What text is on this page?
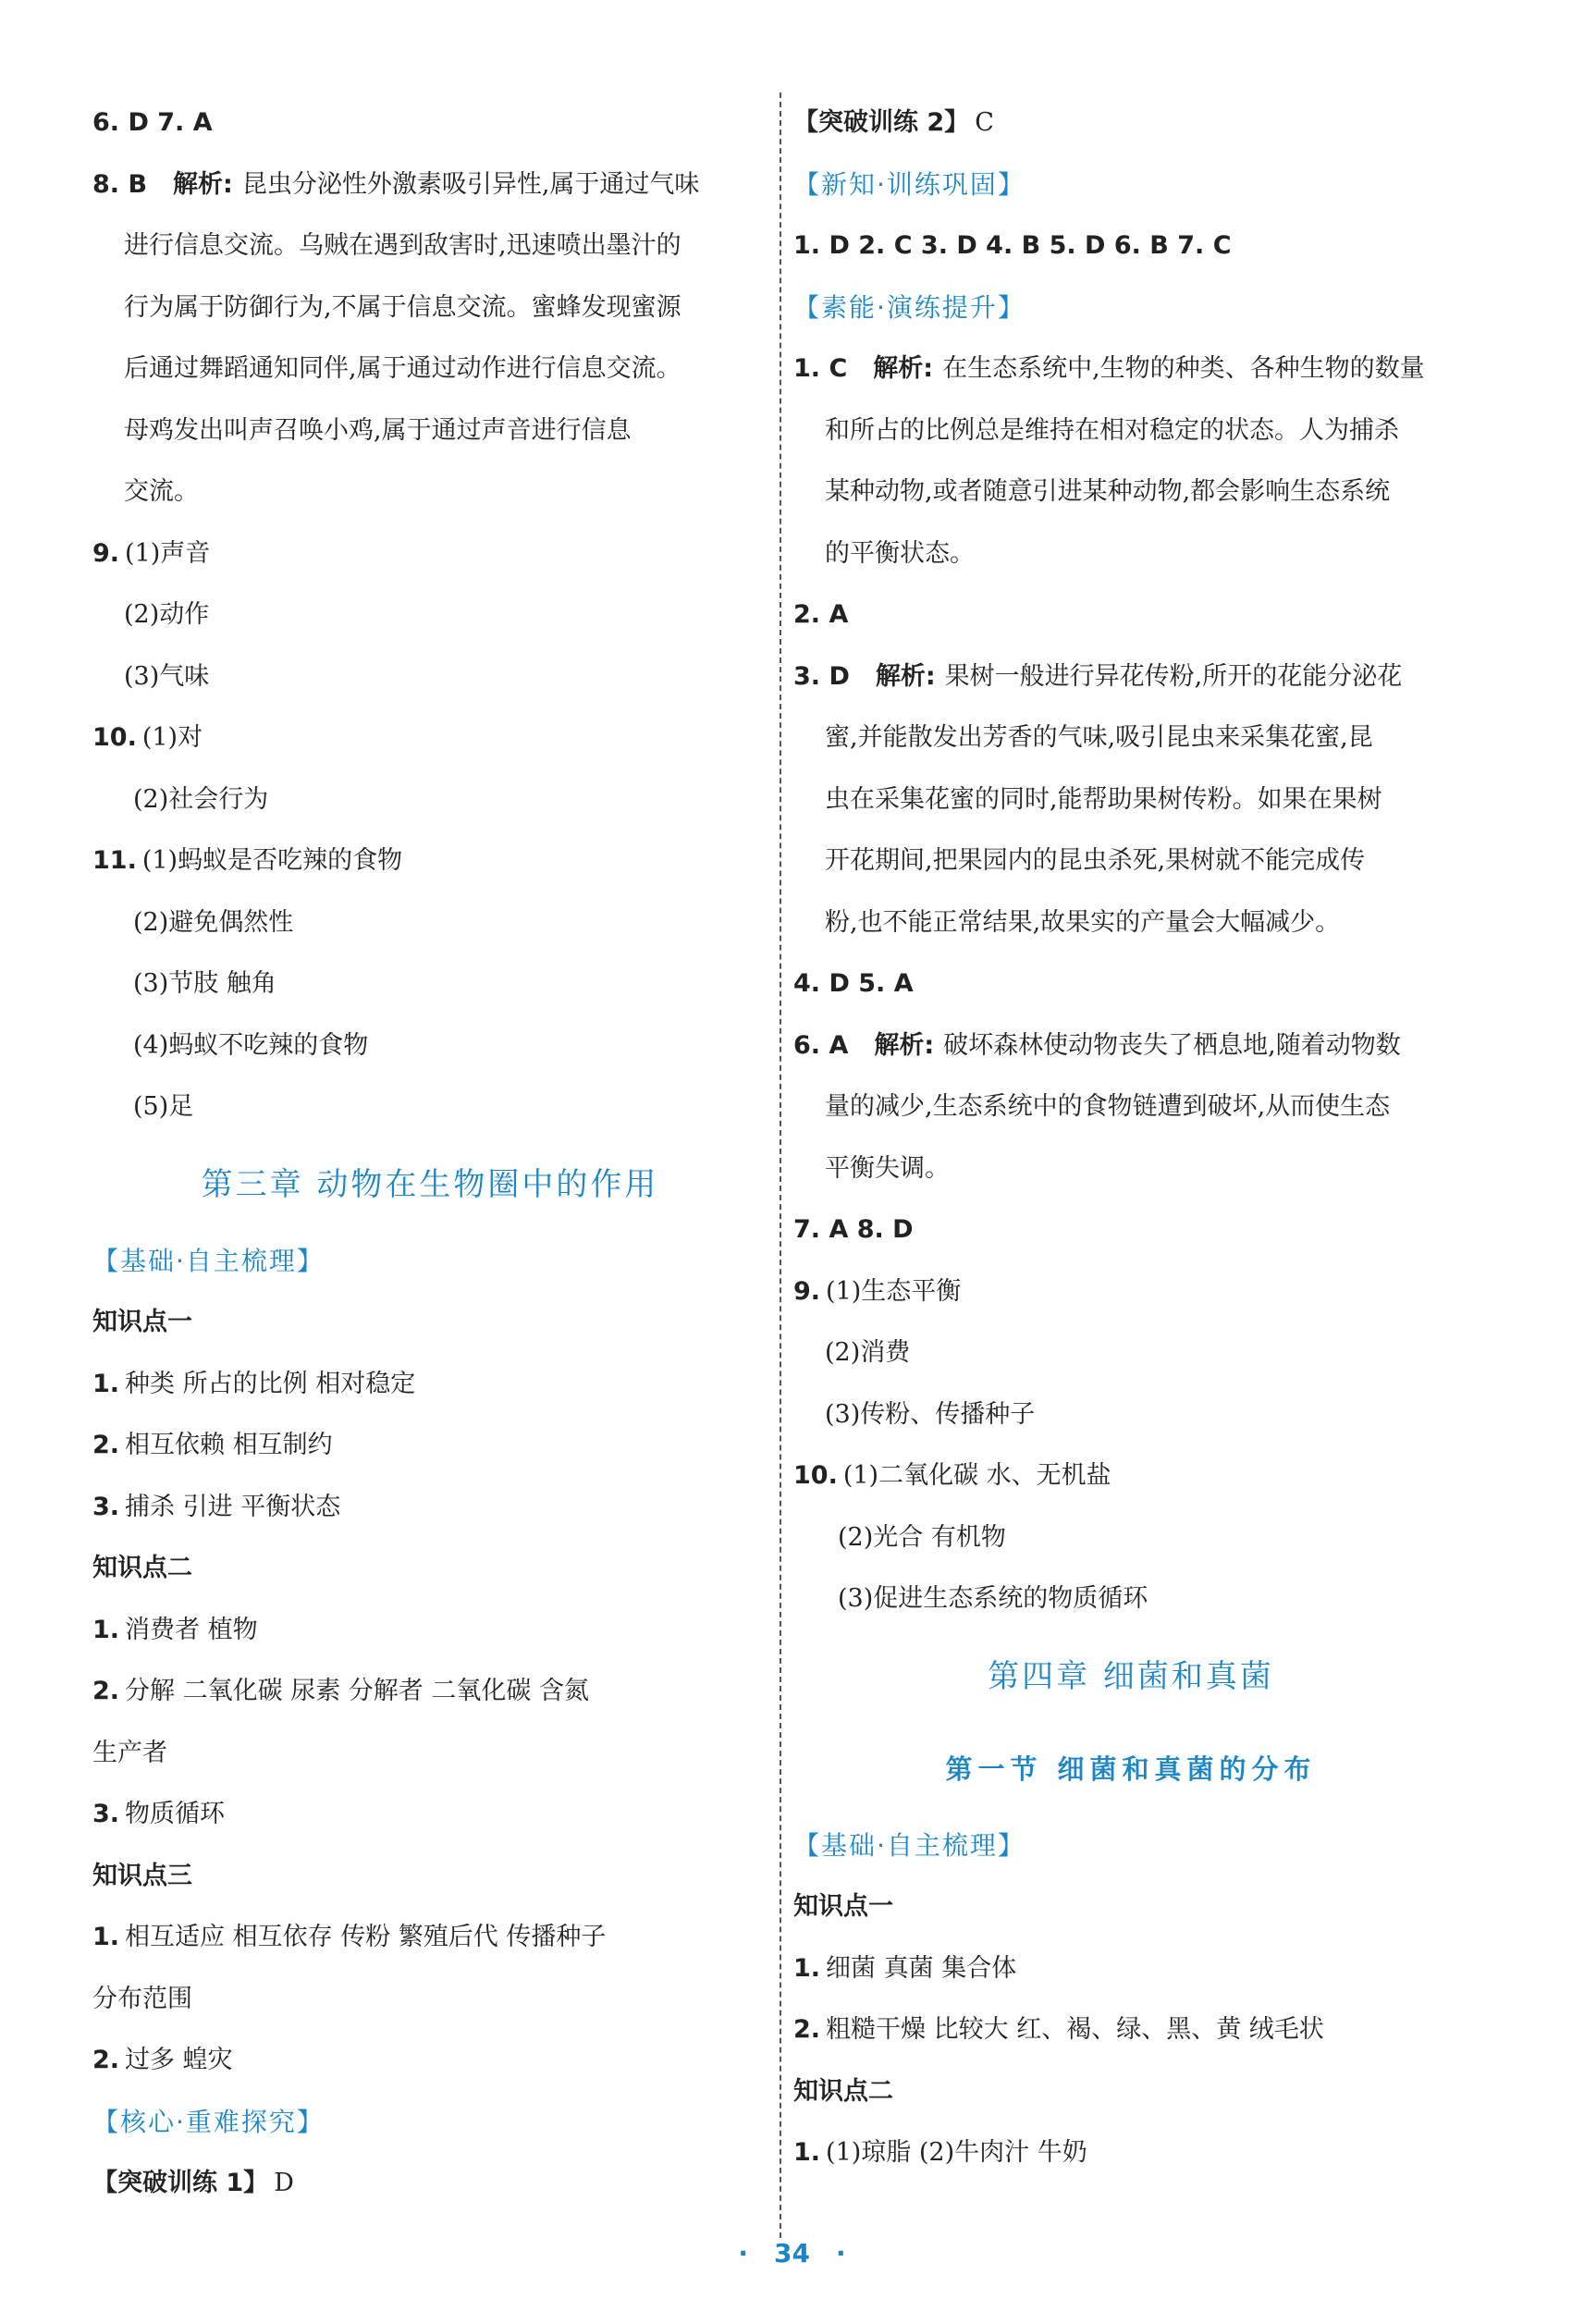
6. D 7. A
8. B 解析: 昆虫分泌性外激素吸引异性,属于通过气味
进行信息交流。乌贼在遇到敌害时,迅速喷出墨汁的
行为属于防御行为,不属于信息交流。蜜蜂发现蜜源
后通过舞蹈通知同伴,属于通过动作进行信息交流。
母鸡发出叫声召唤小鸡,属于通过声音进行信息
交流。
9. (1)声音
(2)动作
(3)气味
10. (1)对
(2)社会行为
11. (1)蚂蚁是否吃辣的食物
(2)避免偶然性
(3)节肢 触角
(4)蚂蚁不吃辣的食物
(5)足
第三章 动物在生物圈中的作用
【基础·自主梳理】
知识点一
1. 种类 所占的比例 相对稳定
2. 相互依赖 相互制约
3. 捕杀 引进 平衡状态
知识点二
1. 消费者 植物
2. 分解 二氧化碳 尿素 分解者 二氧化碳 含氮
生产者
3. 物质循环
知识点三
1. 相互适应 相互依存 传粉 繁殖后代 传播种子
分布范围
2. 过多 蝗灾
【核心·重难探究】
【突破训练 1】 D
【突破训练 2】 C
【新知·训练巩固】
1. D 2. C 3. D 4. B 5. D 6. B 7. C
【素能·演练提升】
1. C 解析: 在生态系统中,生物的种类、各种生物的数量
和所占的比例总是维持在相对稳定的状态。人为捕杀
某种动物,或者随意引进某种动物,都会影响生态系统
的平衡状态。
2. A
3. D 解析: 果树一般进行异花传粉,所开的花能分泌花
蜜,并能散发出芳香的气味,吸引昆虫来采集花蜜,昆
虫在采集花蜜的同时,能帮助果树传粉。如果在果树
开花期间,把果园内的昆虫杀死,果树就不能完成传
粉,也不能正常结果,故果实的产量会大幅减少。
4. D 5. A
6. A 解析: 破坏森林使动物丧失了栖息地,随着动物数
量的减少,生态系统中的食物链遭到破坏,从而使生态
平衡失调。
7. A 8. D
9. (1)生态平衡
(2)消费
(3)传粉、传播种子
10. (1)二氧化碳 水、无机盐
(2)光合 有机物
(3)促进生态系统的物质循环
第四章 细菌和真菌
第一节 细菌和真菌的分布
【基础·自主梳理】
知识点一
1. 细菌 真菌 集合体
2. 粗糙干燥 比较大 红、褐、绿、黑、黄 绒毛状
知识点二
1. (1)琼脂 (2)牛肉汁 牛奶
· 34 ·
